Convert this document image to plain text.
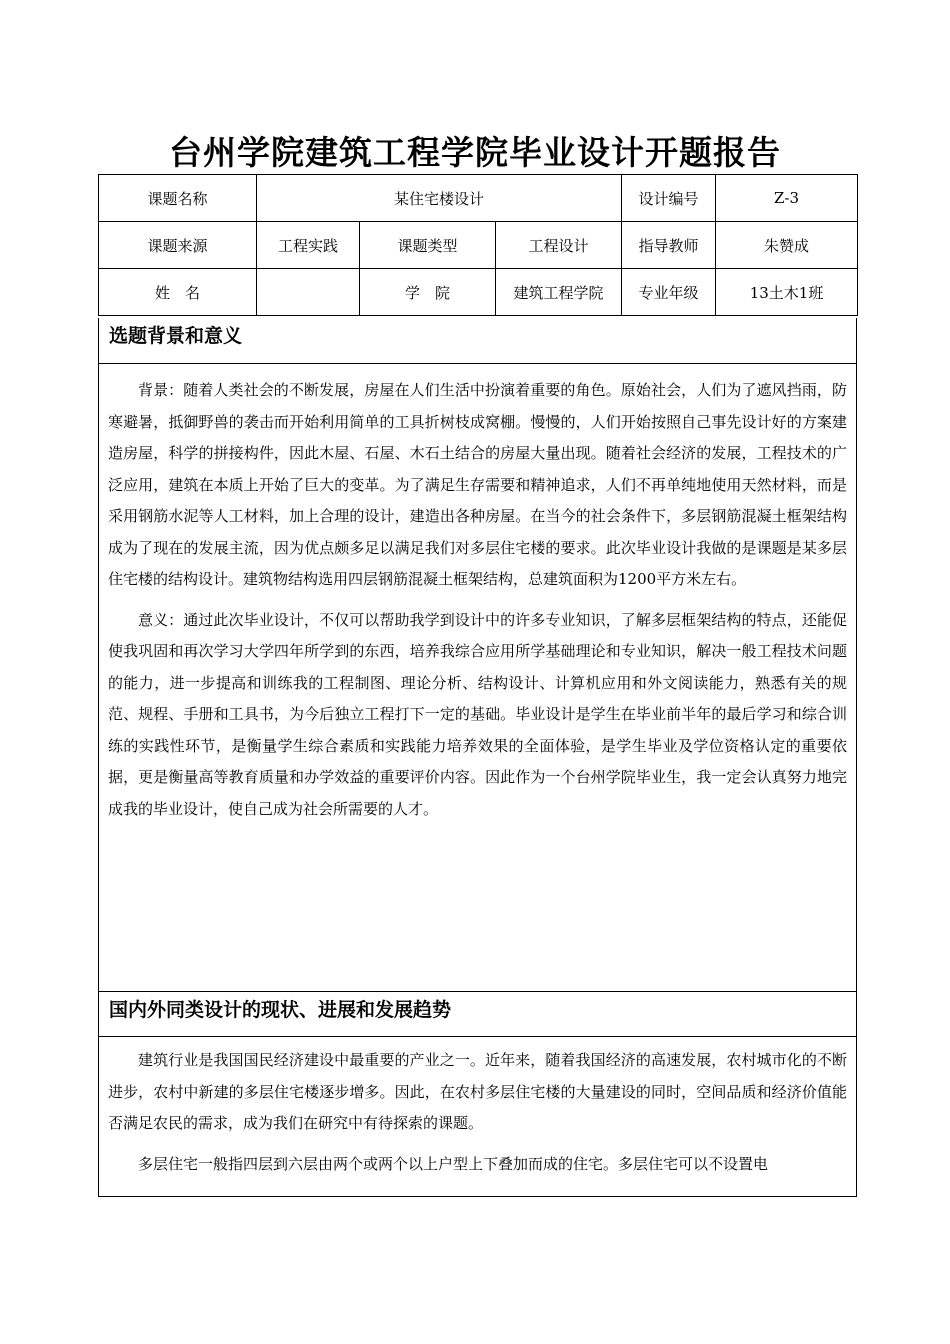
台州学院建筑工程学院毕业设计开题报告
课题名称	某住宅楼设计			设计编号	Z-3
课题来源	工程实践	课题类型	工程设计	指导教师	朱赞成
姓　名		学　院	建筑工程学院	专业年级	13土木1班
选题背景和意义

背景：随着人类社会的不断发展，房屋在人们生活中扮演着重要的角色。原始社会，人们为了遮风挡雨，防寒避暑，抵御野兽的袭击而开始利用简单的工具折树枝成窝棚。慢慢的，人们开始按照自己事先设计好的方案建造房屋，科学的拼接构件，因此木屋、石屋、木石土结合的房屋大量出现。随着社会经济的发展，工程技术的广泛应用，建筑在本质上开始了巨大的变革。为了满足生存需要和精神追求，人们不再单纯地使用天然材料，而是采用钢筋水泥等人工材料，加上合理的设计，建造出各种房屋。在当今的社会条件下，多层钢筋混凝土框架结构成为了现在的发展主流，因为优点颇多足以满足我们对多层住宅楼的要求。此次毕业设计我做的是课题是某多层住宅楼的结构设计。建筑物结构选用四层钢筋混凝土框架结构，总建筑面积为1200平方米左右。

意义：通过此次毕业设计，不仅可以帮助我学到设计中的许多专业知识，了解多层框架结构的特点，还能促使我巩固和再次学习大学四年所学到的东西，培养我综合应用所学基础理论和专业知识，解决一般工程技术问题的能力，进一步提高和训练我的工程制图、理论分析、结构设计、计算机应用和外文阅读能力，熟悉有关的规范、规程、手册和工具书，为今后独立工程打下一定的基础。毕业设计是学生在毕业前半年的最后学习和综合训练的实践性环节，是衡量学生综合素质和实践能力培养效果的全面体验，是学生毕业及学位资格认定的重要依据，更是衡量高等教育质量和办学效益的重要评价内容。因此作为一个台州学院毕业生，我一定会认真努力地完成我的毕业设计，使自己成为社会所需要的人才。

国内外同类设计的现状、进展和发展趋势

建筑行业是我国国民经济建设中最重要的产业之一。近年来，随着我国经济的高速发展，农村城市化的不断进步，农村中新建的多层住宅楼逐步增多。因此，在农村多层住宅楼的大量建设的同时，空间品质和经济价值能否满足农民的需求，成为我们在研究中有待探索的课题。

多层住宅一般指四层到六层由两个或两个以上户型上下叠加而成的住宅。多层住宅可以不设置电
